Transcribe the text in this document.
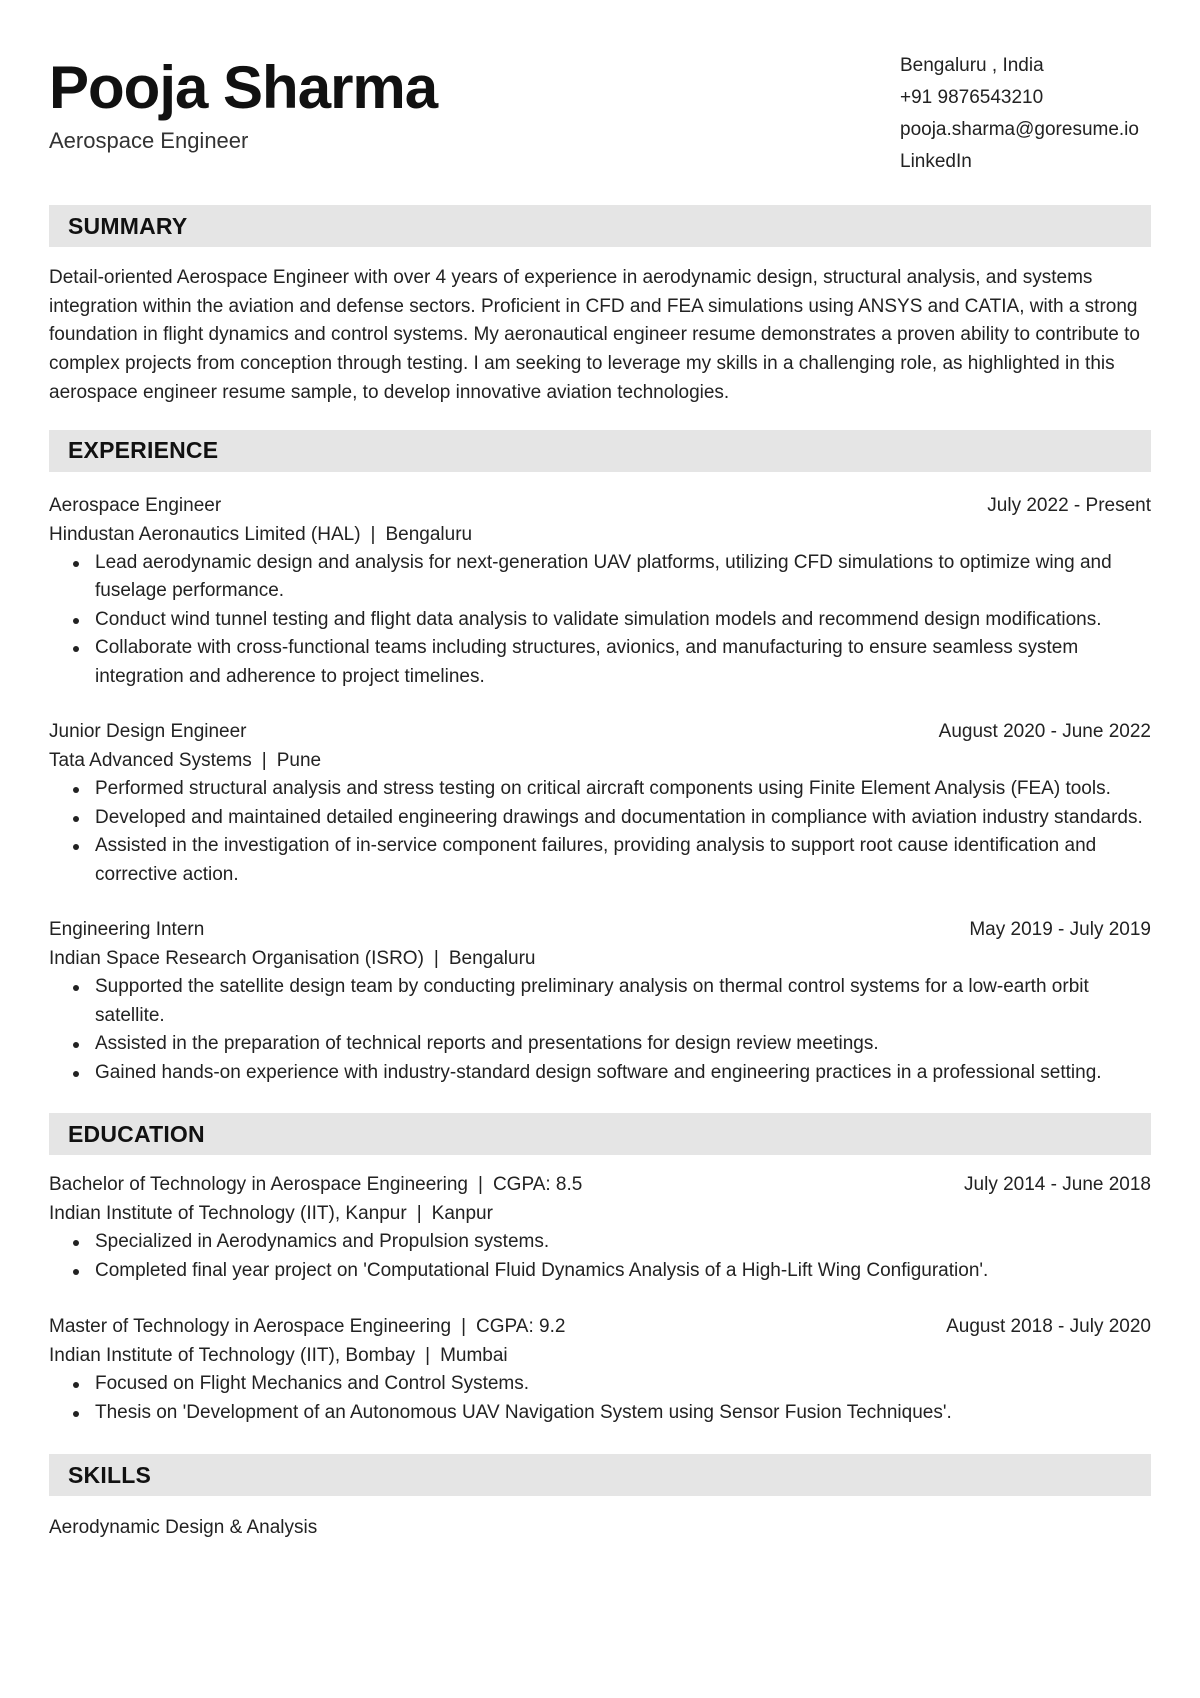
Pooja Sharma
Aerospace Engineer
Bengaluru , India
+91 9876543210
pooja.sharma@goresume.io
LinkedIn
SUMMARY
Detail-oriented Aerospace Engineer with over 4 years of experience in aerodynamic design, structural analysis, and systems integration within the aviation and defense sectors. Proficient in CFD and FEA simulations using ANSYS and CATIA, with a strong foundation in flight dynamics and control systems. My aeronautical engineer resume demonstrates a proven ability to contribute to complex projects from conception through testing. I am seeking to leverage my skills in a challenging role, as highlighted in this aerospace engineer resume sample, to develop innovative aviation technologies.
EXPERIENCE
Aerospace Engineer	July 2022 - Present
Hindustan Aeronautics Limited (HAL) | Bengaluru
Lead aerodynamic design and analysis for next-generation UAV platforms, utilizing CFD simulations to optimize wing and fuselage performance.
Conduct wind tunnel testing and flight data analysis to validate simulation models and recommend design modifications.
Collaborate with cross-functional teams including structures, avionics, and manufacturing to ensure seamless system integration and adherence to project timelines.
Junior Design Engineer	August 2020 - June 2022
Tata Advanced Systems | Pune
Performed structural analysis and stress testing on critical aircraft components using Finite Element Analysis (FEA) tools.
Developed and maintained detailed engineering drawings and documentation in compliance with aviation industry standards.
Assisted in the investigation of in-service component failures, providing analysis to support root cause identification and corrective action.
Engineering Intern	May 2019 - July 2019
Indian Space Research Organisation (ISRO) | Bengaluru
Supported the satellite design team by conducting preliminary analysis on thermal control systems for a low-earth orbit satellite.
Assisted in the preparation of technical reports and presentations for design review meetings.
Gained hands-on experience with industry-standard design software and engineering practices in a professional setting.
EDUCATION
Bachelor of Technology in Aerospace Engineering | CGPA: 8.5	July 2014 - June 2018
Indian Institute of Technology (IIT), Kanpur | Kanpur
Specialized in Aerodynamics and Propulsion systems.
Completed final year project on 'Computational Fluid Dynamics Analysis of a High-Lift Wing Configuration'.
Master of Technology in Aerospace Engineering | CGPA: 9.2	August 2018 - July 2020
Indian Institute of Technology (IIT), Bombay | Mumbai
Focused on Flight Mechanics and Control Systems.
Thesis on 'Development of an Autonomous UAV Navigation System using Sensor Fusion Techniques'.
SKILLS
Aerodynamic Design & Analysis
